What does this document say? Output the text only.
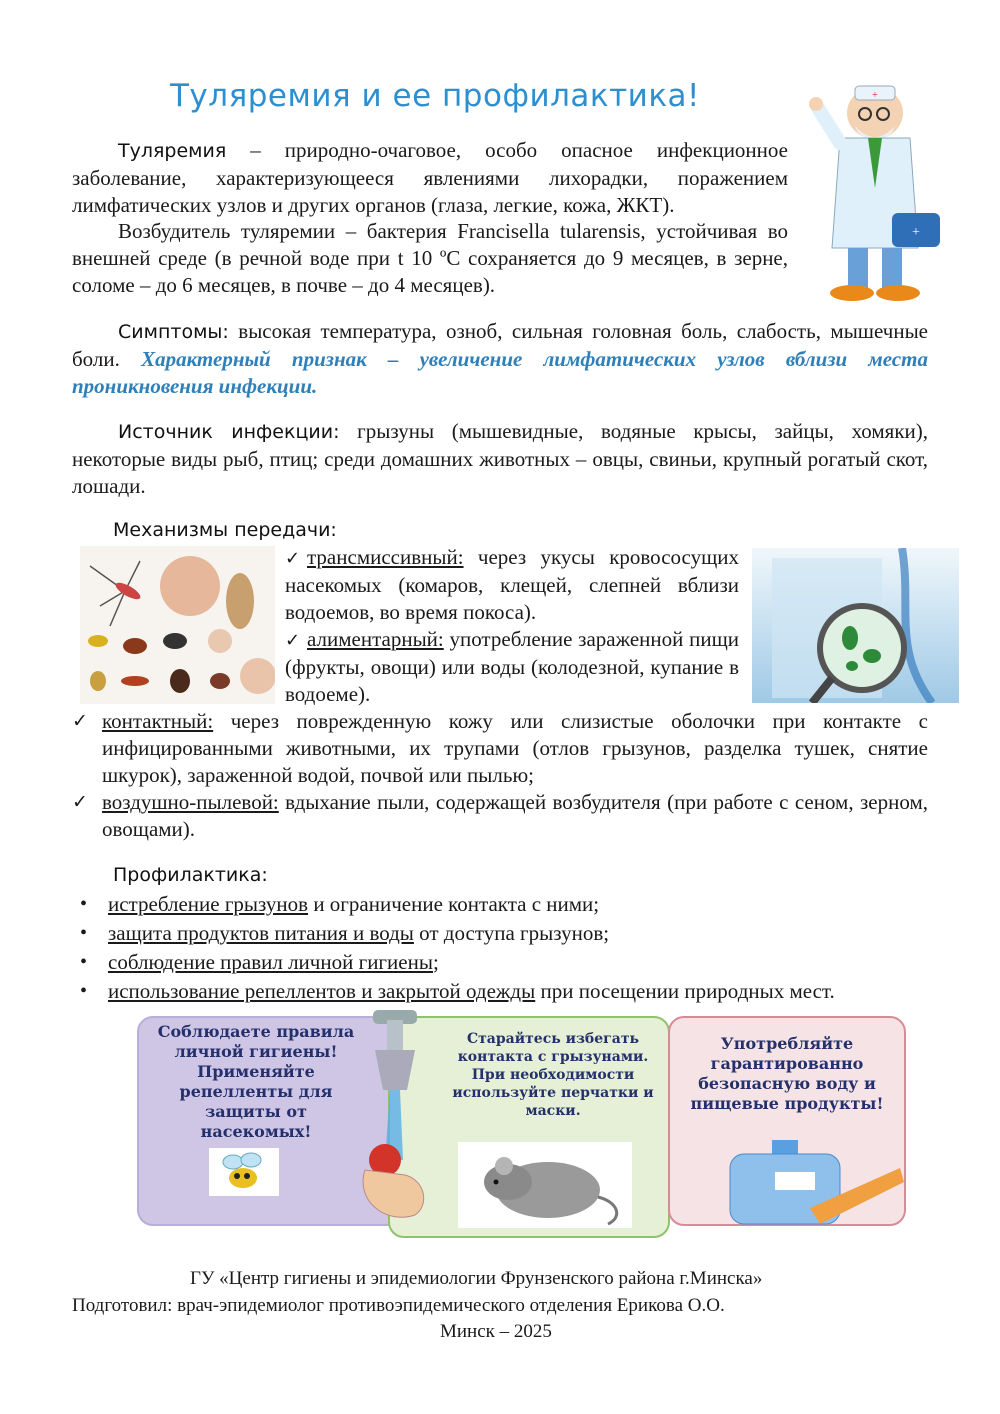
Туляремия и ее профилактика!	+
+
Туляремия – природно-очаговое, особо опасное инфекционное заболевание, характеризующееся явлениями лихорадки, поражением лимфатических узлов и других органов (глаза, легкие, кожа, ЖКТ).
Возбудитель туляремии – бактерия Francisella tularensis, устойчивая во внешней среде (в речной воде при t 10 ºС сохраняется до 9 месяцев, в зерне, соломе – до 6 месяцев, в почве – до 4 месяцев).
Симптомы: высокая температура, озноб, сильная головная боль, слабость, мышечные боли. Характерный признак – увеличение лимфатических узлов вблизи места проникновения инфекции.
Источник инфекции: грызуны (мышевидные, водяные крысы, зайцы, хомяки), некоторые виды рыб, птиц; среди домашних животных – овцы, свиньи, крупный рогатый скот, лошади.
Механизмы передачи:
✓ трансмиссивный: через укусы кровососущих насекомых (комаров, клещей, слепней вблизи водоемов, во время покоса).
✓ алиментарный: употребление зараженной пищи (фрукты, овощи) или воды (колодезной, купание в водоеме).
✓ контактный: через поврежденную кожу или слизистые оболочки при контакте с инфицированными животными, их трупами (отлов грызунов, разделка тушек, снятие шкурок), зараженной водой, почвой или пылью;
✓ воздушно-пылевой: вдыхание пыли, содержащей возбудителя (при работе с сеном, зерном, овощами).
Профилактика:
• истребление грызунов и ограничение контакта с ними;
• защита продуктов питания и воды от доступа грызунов;
• соблюдение правил личной гигиены;
• использование репеллентов и закрытой одежды при посещении природных мест.
Соблюдаете правила личной гигиены! Применяйте репелленты для защиты от насекомых!
Старайтесь избегать контакта с грызунами. При необходимости используйте перчатки и маски.
Употребляйте гарантированно безопасную воду и пищевые продукты!
ГУ «Центр гигиены и эпидемиологии Фрунзенского района г.Минска»
Подготовил: врач-эпидемиолог противоэпидемического отделения Ерикова О.О.
Минск – 2025
